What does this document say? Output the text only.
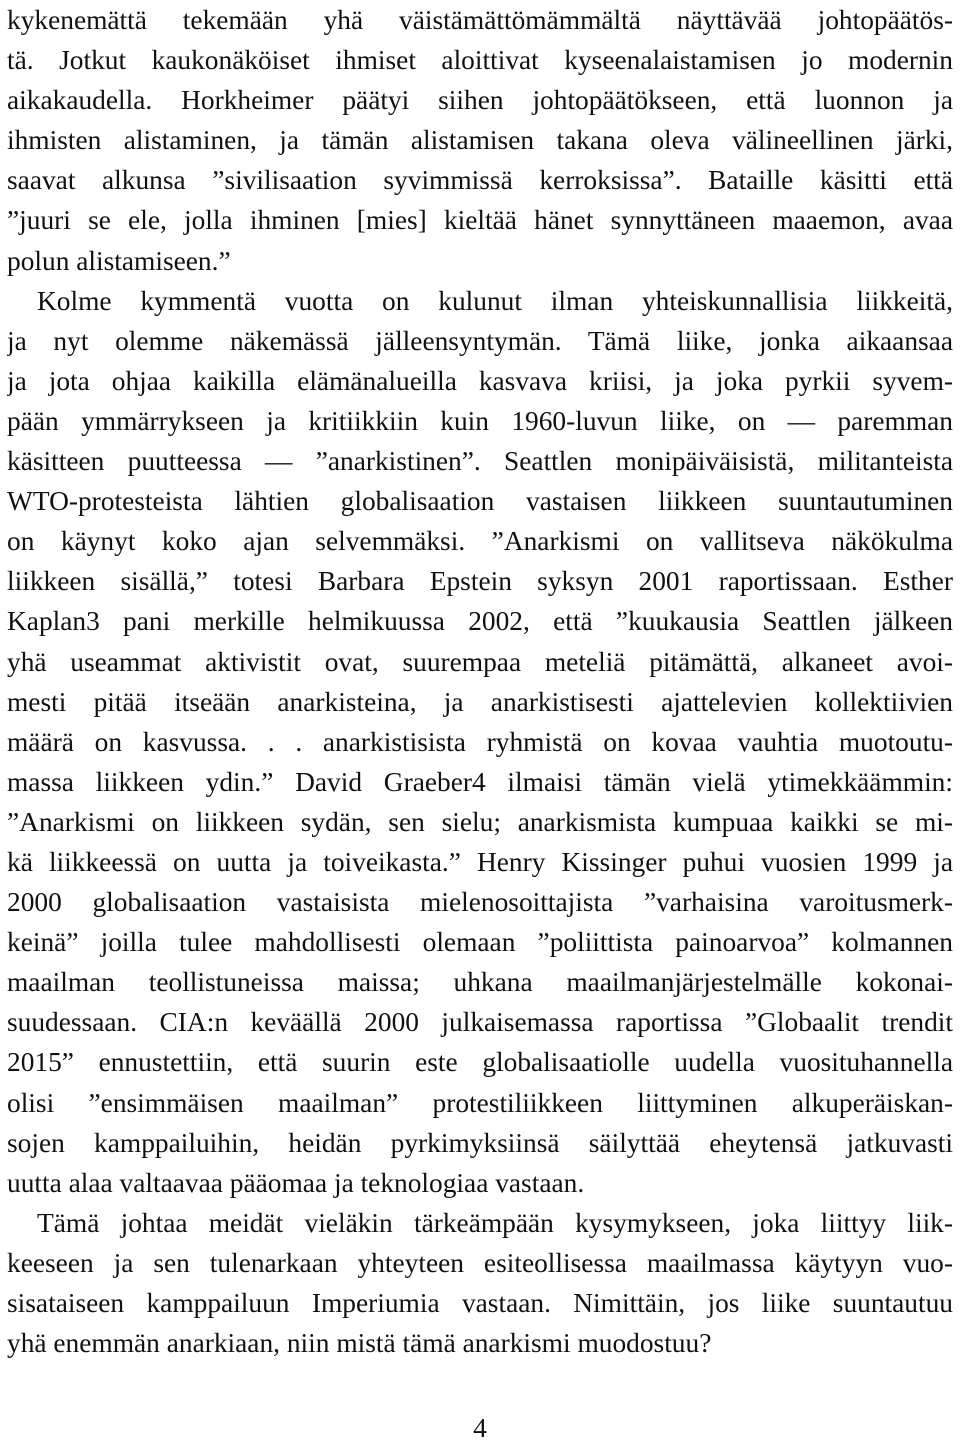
kykenemättä tekemään yhä väistämättömämmältä näyttävää johtopäätös-
tä. Jotkut kaukonäköiset ihmiset aloittivat kyseenalaistamisen jo modernin
aikakaudella. Horkheimer päätyi siihen johtopäätökseen, että luonnon ja
ihmisten alistaminen, ja tämän alistamisen takana oleva välineellinen järki,
saavat alkunsa ”sivilisaation syvimmissä kerroksissa”. Bataille käsitti että
”juuri se ele, jolla ihminen [mies] kieltää hänet synnyttäneen maaemon, avaa
polun alistamiseen.”
Kolme kymmentä vuotta on kulunut ilman yhteiskunnallisia liikkeitä,
ja nyt olemme näkemässä jälleensyntymän. Tämä liike, jonka aikaansaa
ja jota ohjaa kaikilla elämänalueilla kasvava kriisi, ja joka pyrkii syvem-
pään ymmärrykseen ja kritiikkiin kuin 1960-luvun liike, on — paremman
käsitteen puutteessa — ”anarkistinen”. Seattlen monipäiväisistä, militanteista
WTO-protesteista lähtien globalisaation vastaisen liikkeen suuntautuminen
on käynyt koko ajan selvemmäksi. ”Anarkismi on vallitseva näkökulma
liikkeen sisällä,” totesi Barbara Epstein syksyn 2001 raportissaan. Esther
Kaplan3 pani merkille helmikuussa 2002, että ”kuukausia Seattlen jälkeen
yhä useammat aktivistit ovat, suurempaa meteliä pitämättä, alkaneet avoi-
mesti pitää itseään anarkisteina, ja anarkistisesti ajattelevien kollektiivien
määrä on kasvussa. . . anarkistisista ryhmistä on kovaa vauhtia muotoutu-
massa liikkeen ydin.” David Graeber4 ilmaisi tämän vielä ytimekkäämmin:
”Anarkismi on liikkeen sydän, sen sielu; anarkismista kumpuaa kaikki se mi-
kä liikkeessä on uutta ja toiveikasta.” Henry Kissinger puhui vuosien 1999 ja
2000 globalisaation vastaisista mielenosoittajista ”varhaisina varoitusmerk-
keinä” joilla tulee mahdollisesti olemaan ”poliittista painoarvoa” kolmannen
maailman teollistuneissa maissa; uhkana maailmanjärjestelmälle kokonai-
suudessaan. CIA:n keväällä 2000 julkaisemassa raportissa ”Globaalit trendit
2015” ennustettiin, että suurin este globalisaatiolle uudella vuosituhannella
olisi ”ensimmäisen maailman” protestiliikkeen liittyminen alkuperäiskan-
sojen kamppailuihin, heidän pyrkimyksiinsä säilyttää eheytensä jatkuvasti
uutta alaa valtaavaa pääomaa ja teknologiaa vastaan.
Tämä johtaa meidät vieläkin tärkeämpään kysymykseen, joka liittyy liik-
keeseen ja sen tulenarkaan yhteyteen esiteollisessa maailmassa käytyyn vuo-
sisataiseen kamppailuun Imperiumia vastaan. Nimittäin, jos liike suuntautuu
yhä enemmän anarkiaan, niin mistä tämä anarkismi muodostuu?
4
